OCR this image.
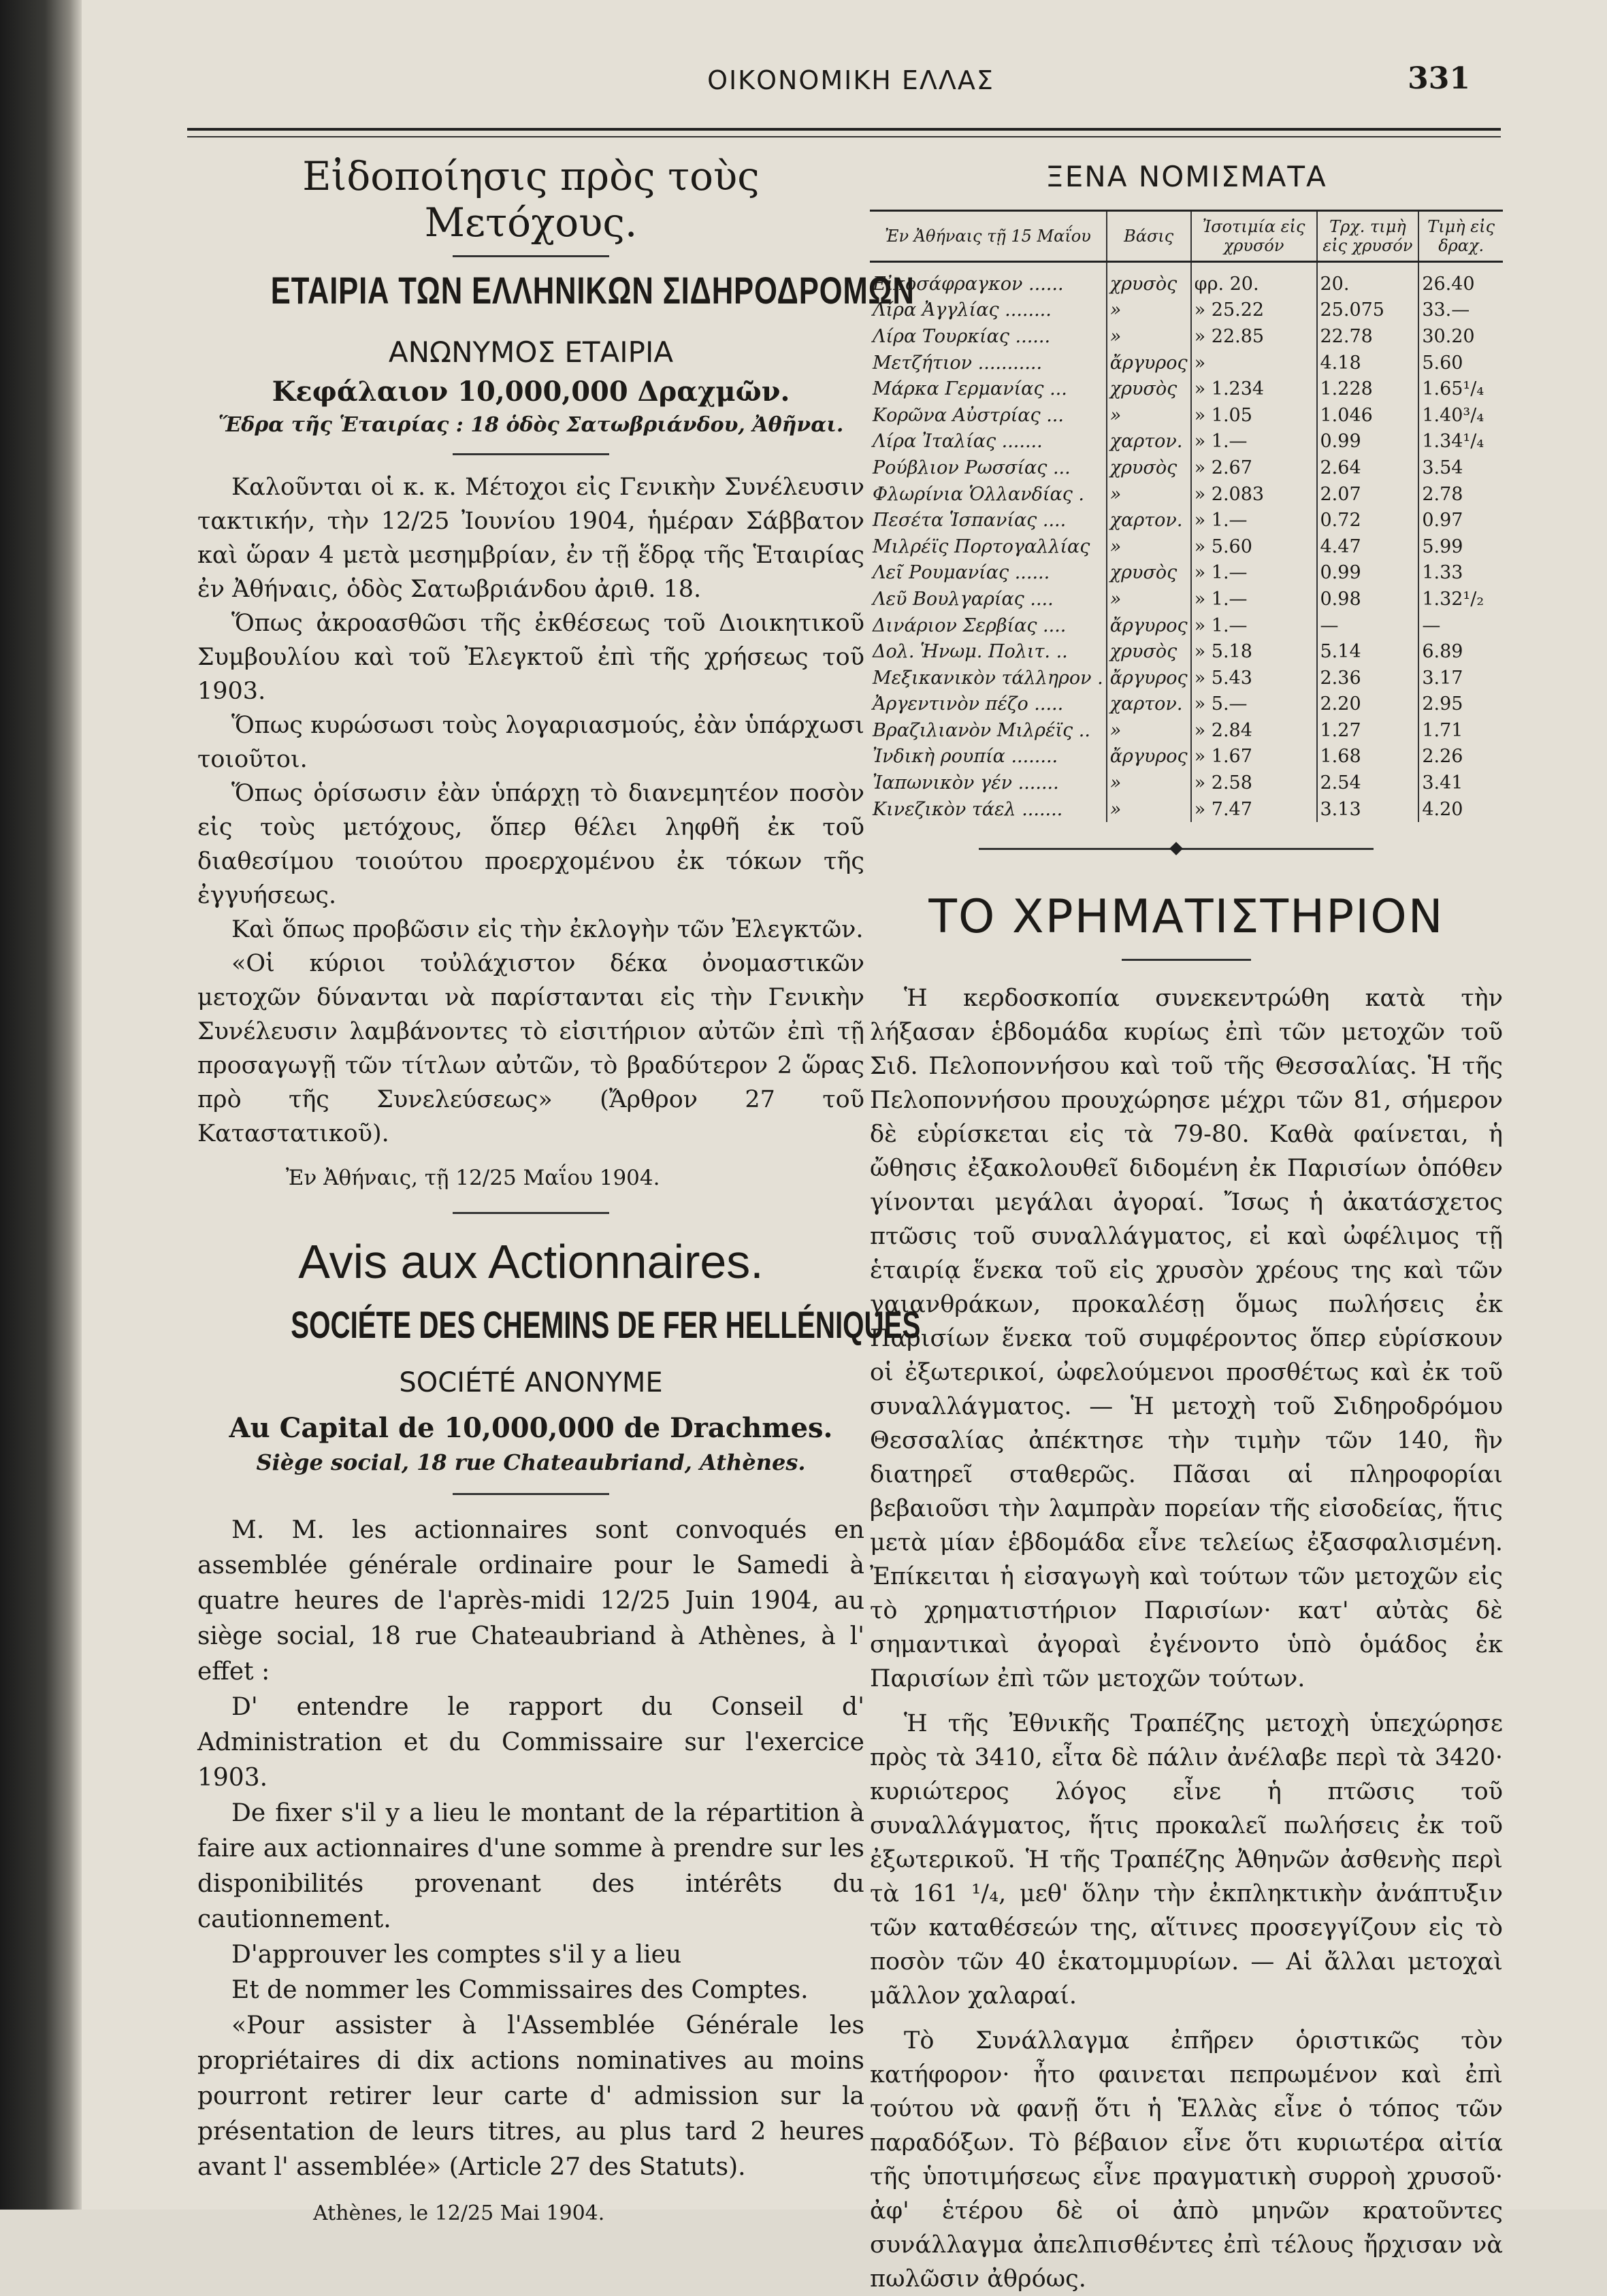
ΟΙΚΟΝΟΜΙΚΗ ΕΛΛΑΣ	331
Εἰδοποίησις πρὸς τοὺς Μετόχους.
ΕΤΑΙΡΙΑ ΤΩΝ ΕΛΛΗΝΙΚΩΝ ΣΙΔΗΡΟΔΡΟΜΩΝ
ΑΝΩΝΥΜΟΣ ΕΤΑΙΡΙΑ
Κεφάλαιον 10,000,000 Δραχμῶν.
Ἕδρα τῆς Ἑταιρίας : 18 ὁδὸς Σατωβριάνδου, Ἀθῆναι.

Καλοῦνται οἱ κ. κ. Μέτοχοι εἰς Γενικὴν Συνέλευσιν τακτικήν, τὴν 12/25 Ἰουνίου 1904, ἡμέραν Σάββατον καὶ ὥραν 4 μετὰ μεσημβρίαν, ἐν τῇ ἕδρᾳ τῆς Ἑταιρίας ἐν Ἀθήναις, ὁδὸς Σατωβριάνδου ἀριθ. 18.

Ὅπως ἀκροασθῶσι τῆς ἐκθέσεως τοῦ Διοικητικοῦ Συμβουλίου καὶ τοῦ Ἐλεγκτοῦ ἐπὶ τῆς χρήσεως τοῦ 1903.

Ὅπως κυρώσωσι τοὺς λογαριασμούς, ἐὰν ὑπάρχωσι τοιοῦτοι.

Ὅπως ὁρίσωσιν ἐὰν ὑπάρχῃ τὸ διανεμητέον ποσὸν εἰς τοὺς μετόχους, ὅπερ θέλει ληφθῆ ἐκ τοῦ διαθεσίμου τοιούτου προερχομένου ἐκ τόκων τῆς ἐγγυήσεως.

Καὶ ὅπως προβῶσιν εἰς τὴν ἐκλογὴν τῶν Ἐλεγκτῶν.

«Οἱ κύριοι τοὐλάχιστον δέκα ὀνομαστικῶν μετοχῶν δύνανται νὰ παρίστανται εἰς τὴν Γενικὴν Συνέλευσιν λαμβάνοντες τὸ εἰσιτήριον αὐτῶν ἐπὶ τῇ προσαγωγῇ τῶν τίτλων αὐτῶν, τὸ βραδύτερον 2 ὥρας πρὸ τῆς Συνελεύσεως» (Ἄρθρον 27 τοῦ Καταστατικοῦ).

Ἐν Ἀθήναις, τῇ 12/25 Μαΐου 1904.
Avis aux Actionnaires.
SOCIÉTE DES CHEMINS DE FER HELLÉNIQUES
SOCIÉTÉ ANONYME
Au Capital de 10,000,000 de Drachmes.
Siège social, 18 rue Chateaubriand, Athènes.

M. M. les actionnaires sont convoqués en assemblée générale ordinaire pour le Samedi à quatre heures de l'après-midi 12/25 Juin 1904, au siège social, 18 rue Chateaubriand à Athènes, à l' effet :

D' entendre le rapport du Conseil d' Administration et du Commissaire sur l'exercice 1903.

De fixer s'il y a lieu le montant de la répartition à faire aux actionnaires d'une somme à prendre sur les disponibilités provenant des intérêts du cautionnement.

D'approuver les comptes s'il y a lieu

Et de nommer les Commissaires des Comptes.

«Pour assister à l'Assemblée Générale les propriétaires di dix actions nominatives au moins pourront retirer leur carte d' admission sur la présentation de leurs titres, au plus tard 2 heures avant l' assemblée» (Article 27 des Statuts).

Athènes, le 12/25 Mai 1904.
ΞΕΝΑ ΝΟΜΙΣΜΑΤΑ
Ἐν Ἀθήναις τῇ 15 Μαΐου	Βάσις	Ἰσοτιμία εἰς χρυσόν	Τρχ. τιμὴ εἰς χρυσόν	Τιμὴ εἰς δραχ.
Εἰκοσάφραγκον ......	χρυσὸς	φρ. 20.	20.	26.40
Λίρα Ἀγγλίας ........	»	» 25.22	25.075	33.—
Λίρα Τουρκίας ......	»	» 22.85	22.78	30.20
Μετζήτιον ...........	ἄργυρος	»	4.18	5.60
Μάρκα Γερμανίας ...	χρυσὸς	» 1.234	1.228	1.65¹/₄
Κορῶνα Αὐστρίας ...	»	» 1.05	1.046	1.40³/₄
Λίρα Ἰταλίας .......	χαρτον.	» 1.—	0.99	1.34¹/₄
Ρούβλιον Ρωσσίας ...	χρυσὸς	» 2.67	2.64	3.54
Φλωρίνια Ὁλλανδίας .	»	» 2.083	2.07	2.78
Πεσέτα Ἱσπανίας ....	χαρτον.	» 1.—	0.72	0.97
Μιλρέϊς Πορτογαλλίας	»	» 5.60	4.47	5.99
Λεῖ Ρουμανίας ......	χρυσὸς	» 1.—	0.99	1.33
Λεῦ Βουλγαρίας ....	»	» 1.—	0.98	1.32¹/₂
Δινάριον Σερβίας ....	ἄργυρος	» 1.—	—	—
Δολ. Ἡνωμ. Πολιτ. ..	χρυσὸς	» 5.18	5.14	6.89
Μεξικανικὸν τάλληρον .	ἄργυρος	» 5.43	2.36	3.17
Ἀργεντινὸν πέζο .....	χαρτον.	» 5.—	2.20	2.95
Βραζιλιανὸν Μιλρέϊς ..	»	» 2.84	1.27	1.71
Ἰνδικὴ ρουπία ........	ἄργυρος	» 1.67	1.68	2.26
Ἰαπωνικὸν γέν .......	»	» 2.58	2.54	3.41
Κινεζικὸν τάελ .......	»	» 7.47	3.13	4.20
ΤΟ ΧΡΗΜΑΤΙΣΤΗΡΙΟΝ

Ἡ κερδοσκοπία συνεκεντρώθη κατὰ τὴν λήξασαν ἑβδομάδα κυρίως ἐπὶ τῶν μετοχῶν τοῦ Σιδ. Πελοποννήσου καὶ τοῦ τῆς Θεσσαλίας. Ἡ τῆς Πελοποννήσου προυχώρησε μέχρι τῶν 81, σήμερον δὲ εὑρίσκεται εἰς τὰ 79-80. Καθὰ φαίνεται, ἡ ὤθησις ἐξακολουθεῖ διδομένη ἐκ Παρισίων ὁπόθεν γίνονται μεγάλαι ἀγοραί. Ἴσως ἡ ἀκατάσχετος πτῶσις τοῦ συναλλάγματος, εἰ καὶ ὠφέλιμος τῇ ἑταιρίᾳ ἕνεκα τοῦ εἰς χρυσὸν χρέους της καὶ τῶν γαιανθράκων, προκαλέσῃ ὅμως πωλήσεις ἐκ Παρισίων ἕνεκα τοῦ συμφέροντος ὅπερ εὑρίσκουν οἱ ἐξωτερικοί, ὠφελούμενοι προσθέτως καὶ ἐκ τοῦ συναλλάγματος. — Ἡ μετοχὴ τοῦ Σιδηροδρόμου Θεσσαλίας ἀπέκτησε τὴν τιμὴν τῶν 140, ἣν διατηρεῖ σταθερῶς. Πᾶσαι αἱ πληροφορίαι βεβαιοῦσι τὴν λαμπρὰν πορείαν τῆς εἰσοδείας, ἥτις μετὰ μίαν ἑβδομάδα εἶνε τελείως ἐξασφαλισμένη. Ἐπίκειται ἡ εἰσαγωγὴ καὶ τούτων τῶν μετοχῶν εἰς τὸ χρηματιστήριον Παρισίων· κατ' αὐτὰς δὲ σημαντικαὶ ἀγοραὶ ἐγένοντο ὑπὸ ὁμάδος ἐκ Παρισίων ἐπὶ τῶν μετοχῶν τούτων.

Ἡ τῆς Ἐθνικῆς Τραπέζης μετοχὴ ὑπεχώρησε πρὸς τὰ 3410, εἶτα δὲ πάλιν ἀνέλαβε περὶ τὰ 3420· κυριώτερος λόγος εἶνε ἡ πτῶσις τοῦ συναλλάγματος, ἥτις προκαλεῖ πωλήσεις ἐκ τοῦ ἐξωτερικοῦ. Ἡ τῆς Τραπέζης Ἀθηνῶν ἀσθενὴς περὶ τὰ 161 ¹/₄, μεθ' ὅλην τὴν ἐκπληκτικὴν ἀνάπτυξιν τῶν καταθέσεών της, αἵτινες προσεγγίζουν εἰς τὸ ποσὸν τῶν 40 ἑκατομμυρίων. — Αἱ ἄλλαι μετοχαὶ μᾶλλον χαλαραί.

Τὸ Συνάλλαγμα ἐπῆρεν ὁριστικῶς τὸν κατήφορον· ἦτο φαινεται πεπρωμένον καὶ ἐπὶ τούτου νὰ φανῇ ὅτι ἡ Ἑλλὰς εἶνε ὁ τόπος τῶν παραδόξων. Τὸ βέβαιον εἶνε ὅτι κυριωτέρα αἰτία τῆς ὑποτιμήσεως εἶνε πραγματικὴ συρροὴ χρυσοῦ· ἀφ' ἑτέρου δὲ οἱ ἀπὸ μηνῶν κρατοῦντες συνάλλαγμα ἀπελπισθέντες ἐπὶ τέλους ἤρχισαν νὰ πωλῶσιν ἀθρόως.
